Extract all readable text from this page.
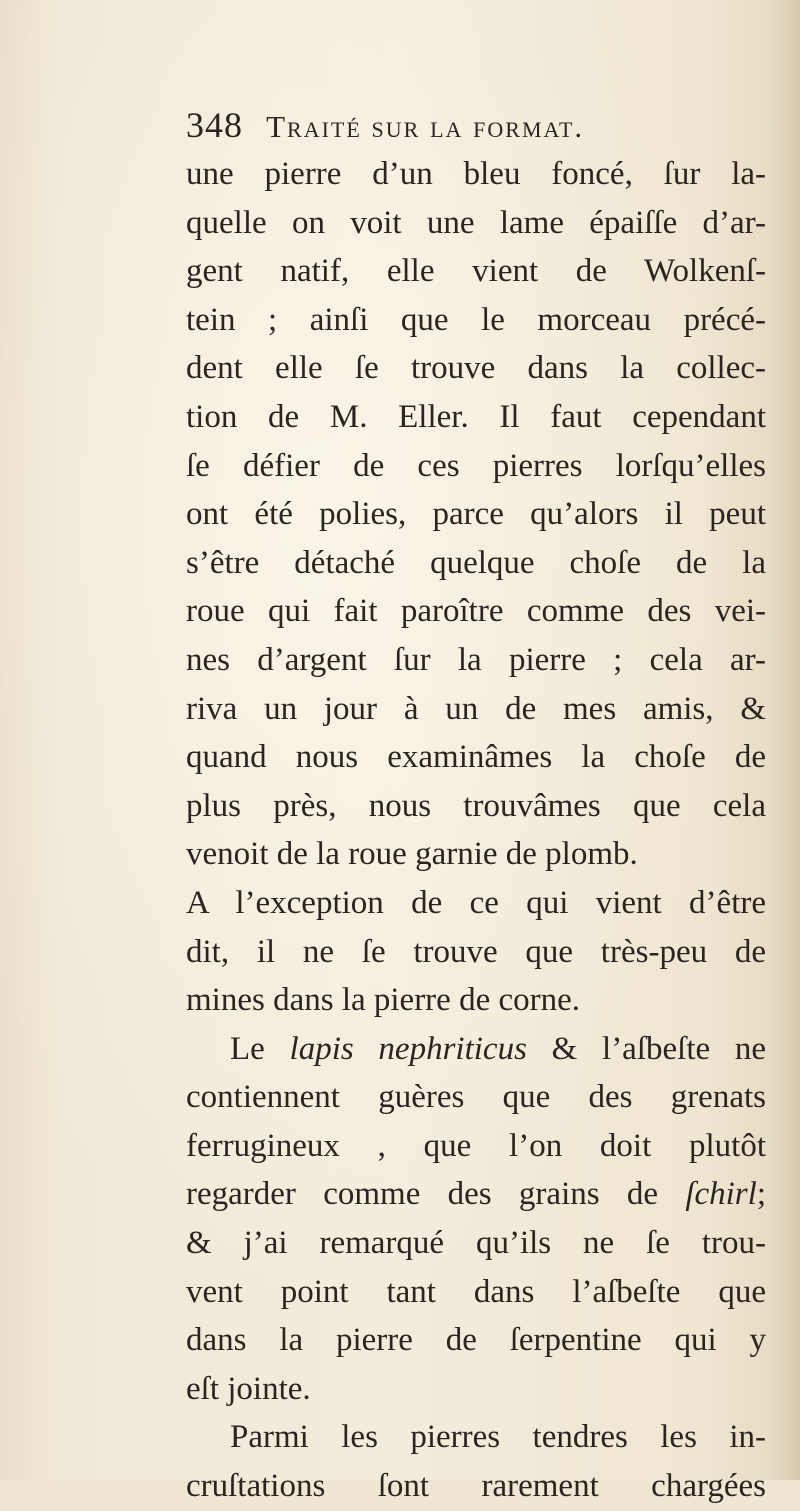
348 Traité sur la format.
une pierre d’un bleu foncé, ſur la-
quelle on voit une lame épaiſſe d’ar-
gent natif, elle vient de Wolkenſ-
tein ; ainſi que le morceau précé-
dent elle ſe trouve dans la collec-
tion de M. Eller. Il faut cependant
ſe défier de ces pierres lorſqu’elles
ont été polies, parce qu’alors il peut
s’être détaché quelque choſe de la
roue qui fait paroître comme des vei-
nes d’argent ſur la pierre ; cela ar-
riva un jour à un de mes amis, &
quand nous examinâmes la choſe de
plus près, nous trouvâmes que cela
venoit de la roue garnie de plomb.
A l’exception de ce qui vient d’être
dit, il ne ſe trouve que très-peu de
mines dans la pierre de corne.
Le lapis nephriticus & l’aſbeſte ne
contiennent guères que des grenats
ferrugineux , que l’on doit plutôt
regarder comme des grains de ſchirl;
& j’ai remarqué qu’ils ne ſe trou-
vent point tant dans l’aſbeſte que
dans la pierre de ſerpentine qui y
eſt jointe.
Parmi les pierres tendres les in-
cruſtations ſont rarement chargées
